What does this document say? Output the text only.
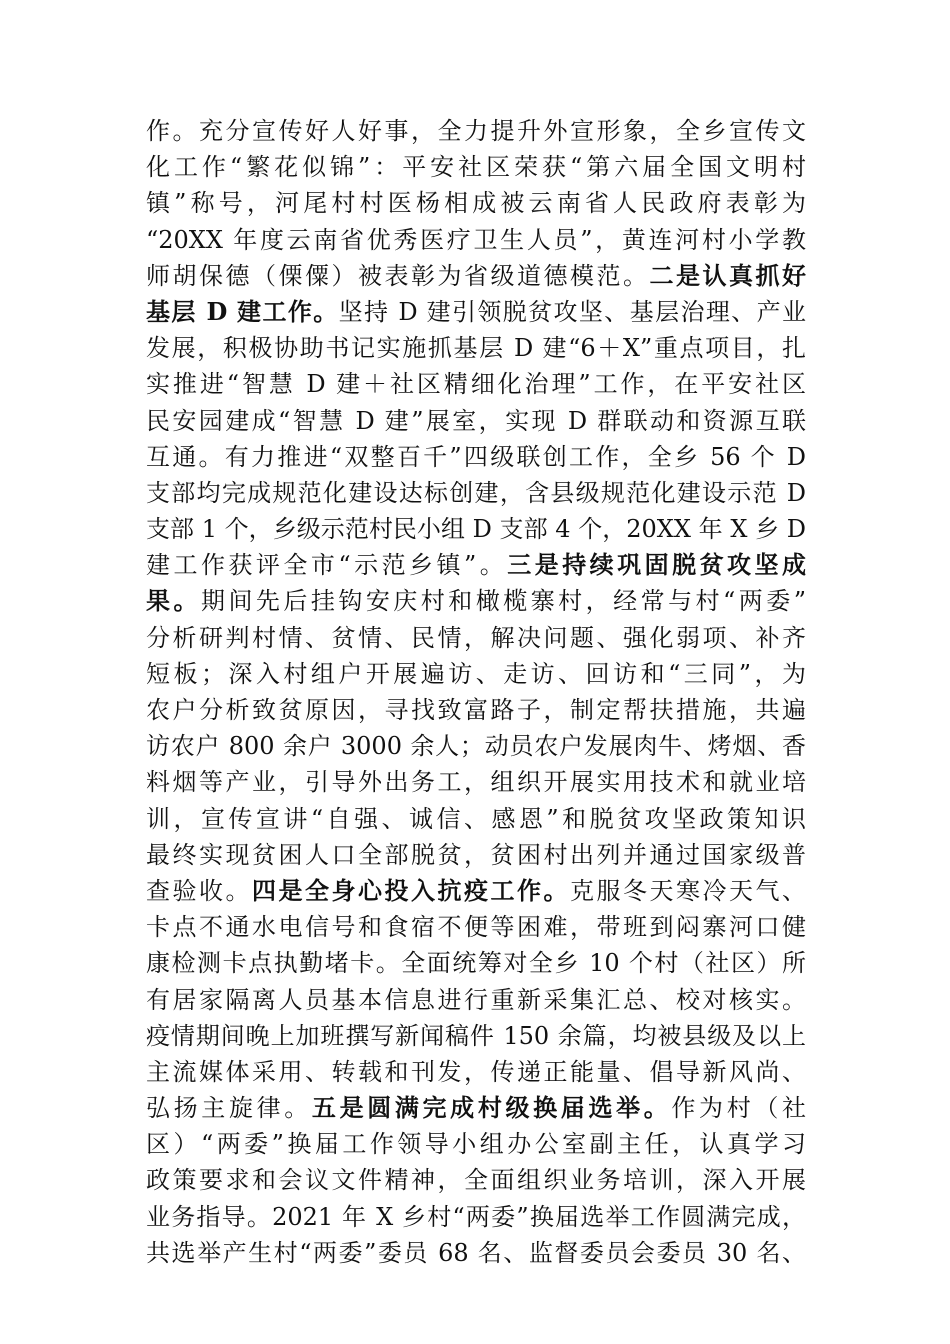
作。充分宣传好人好事，全力提升外宣形象，全乡宣传文
化工作“繁花似锦”：平安社区荣获“第六届全国文明村
镇”称号，河尾村村医杨相成被云南省人民政府表彰为
“20XX 年度云南省优秀医疗卫生人员”，黄连河村小学教
师胡保德（傈僳）被表彰为省级道德模范。二是认真抓好
基层 D 建工作。坚持 D 建引领脱贫攻坚、基层治理、产业
发展，积极协助书记实施抓基层 D 建“6＋X”重点项目，扎
实推进“智慧 D 建＋社区精细化治理”工作，在平安社区
民安园建成“智慧 D 建”展室，实现 D 群联动和资源互联
互通。有力推进“双整百千”四级联创工作，全乡 56 个 D
支部均完成规范化建设达标创建，含县级规范化建设示范 D
支部 1 个，乡级示范村民小组 D 支部 4 个，20XX 年 X 乡 D
建工作获评全市“示范乡镇”。三是持续巩固脱贫攻坚成
果。期间先后挂钩安庆村和橄榄寨村，经常与村“两委”
分析研判村情、贫情、民情，解决问题、强化弱项、补齐
短板；深入村组户开展遍访、走访、回访和“三同”，为
农户分析致贫原因，寻找致富路子，制定帮扶措施，共遍
访农户 800 余户 3000 余人；动员农户发展肉牛、烤烟、香
料烟等产业，引导外出务工，组织开展实用技术和就业培
训，宣传宣讲“自强、诚信、感恩”和脱贫攻坚政策知识
最终实现贫困人口全部脱贫，贫困村出列并通过国家级普
查验收。四是全身心投入抗疫工作。克服冬天寒冷天气、
卡点不通水电信号和食宿不便等困难，带班到闷寨河口健
康检测卡点执勤堵卡。全面统筹对全乡 10 个村（社区）所
有居家隔离人员基本信息进行重新采集汇总、校对核实。
疫情期间晚上加班撰写新闻稿件 150 余篇，均被县级及以上
主流媒体采用、转载和刊发，传递正能量、倡导新风尚、
弘扬主旋律。五是圆满完成村级换届选举。作为村（社
区）“两委”换届工作领导小组办公室副主任，认真学习
政策要求和会议文件精神，全面组织业务培训，深入开展
业务指导。2021 年 X 乡村“两委”换届选举工作圆满完成，
共选举产生村“两委”委员 68 名、监督委员会委员 30 名、
